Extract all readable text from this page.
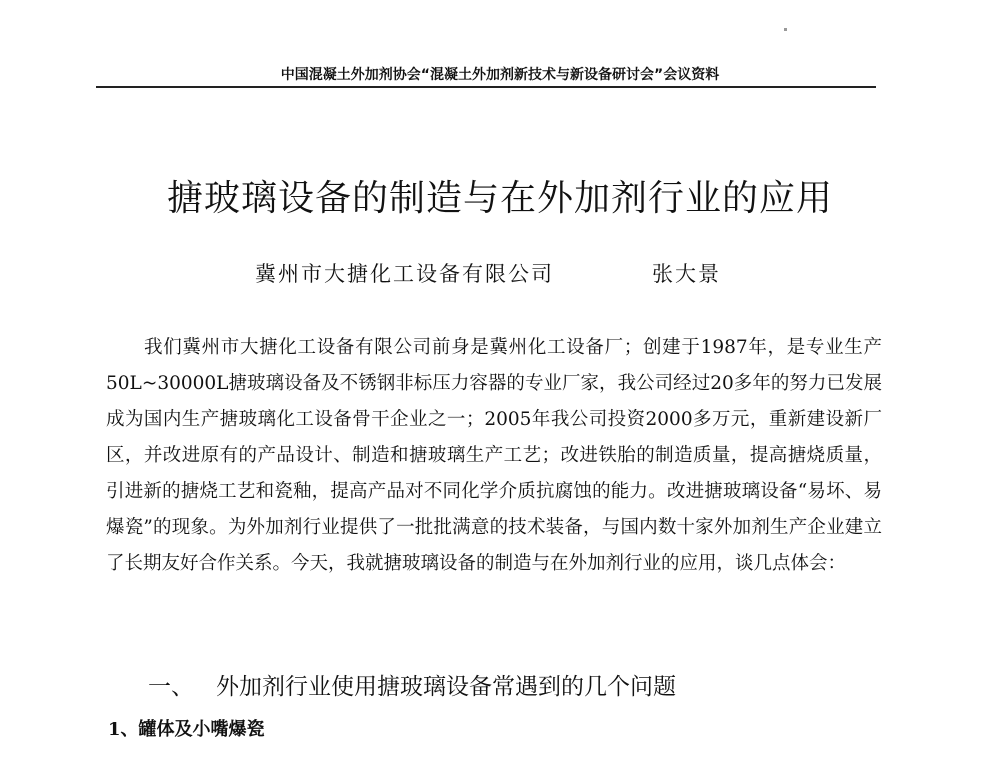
中国混凝土外加剂协会“混凝土外加剂新技术与新设备研讨会”会议资料
搪玻璃设备的制造与在外加剂行业的应用
冀州市大搪化工设备有限公司	张大景

我们冀州市大搪化工设备有限公司前身是冀州化工设备厂；创建于1987年，是专业生产50L~30000L搪玻璃设备及不锈钢非标压力容器的专业厂家，我公司经过20多年的努力已发展成为国内生产搪玻璃化工设备骨干企业之一；2005年我公司投资2000多万元，重新建设新厂区，并改进原有的产品设计、制造和搪玻璃生产工艺；改进铁胎的制造质量，提高搪烧质量，引进新的搪烧工艺和瓷釉，提高产品对不同化学介质抗腐蚀的能力。改进搪玻璃设备“易坏、易爆瓷”的现象。为外加剂行业提供了一批批满意的技术装备，与国内数十家外加剂生产企业建立了长期友好合作关系。今天，我就搪玻璃设备的制造与在外加剂行业的应用，谈几点体会：

一、 外加剂行业使用搪玻璃设备常遇到的几个问题
1、罐体及小嘴爆瓷
